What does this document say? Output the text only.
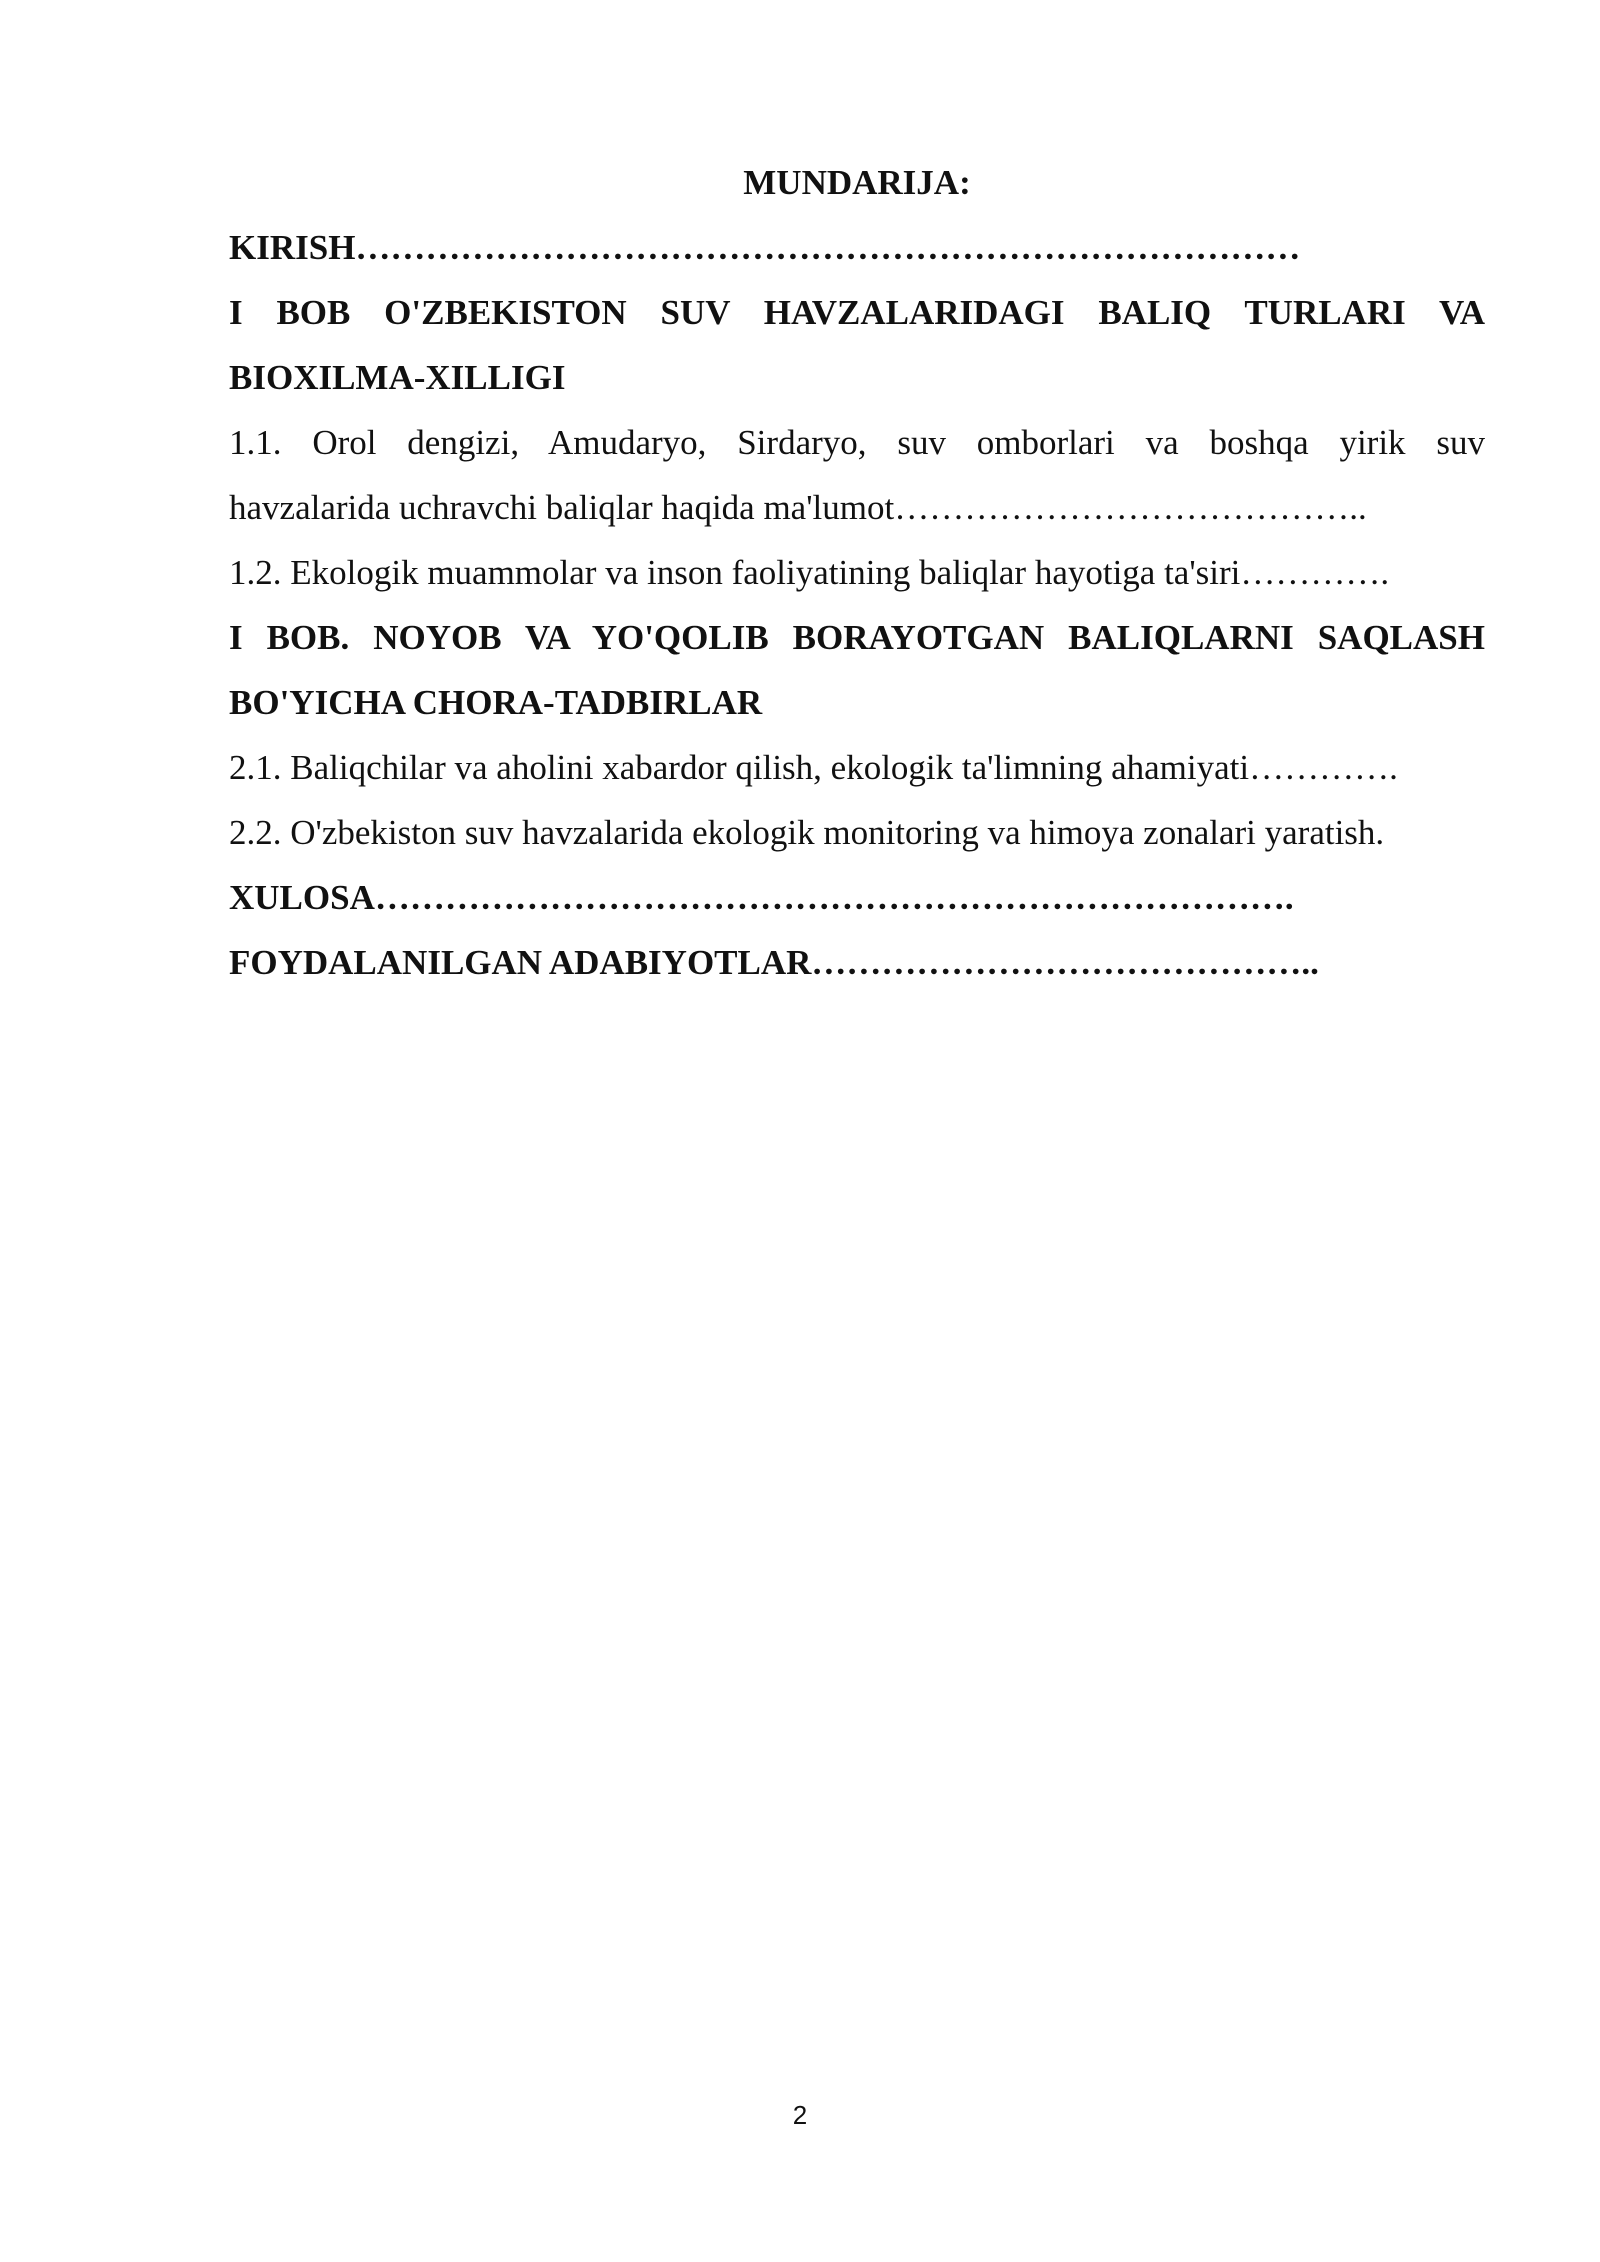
MUNDARIJA:

KIRISH………………………………………………………………………

I BOB O'ZBEKISTON SUV HAVZALARIDAGI BALIQ TURLARI VA
BIOXILMA-XILLIGI

1.1. Orol dengizi, Amudaryo, Sirdaryo, suv omborlari va boshqa yirik suv
havzalarida uchravchi baliqlar haqida ma'lumot…………………………………..

1.2. Ekologik muammolar va inson faoliyatining baliqlar hayotiga ta'siri………….

I BOB. NOYOB VA YO'QOLIB BORAYOTGAN BALIQLARNI SAQLASH
BO'YICHA CHORA-TADBIRLAR

2.1. Baliqchilar va aholini xabardor qilish, ekologik ta'limning ahamiyati………….

2.2. O'zbekiston suv havzalarida ekologik monitoring va himoya zonalari yaratish.

XULOSA…………………………………………………………………….

FOYDALANILGAN ADABIYOTLAR……………………………………..

2
